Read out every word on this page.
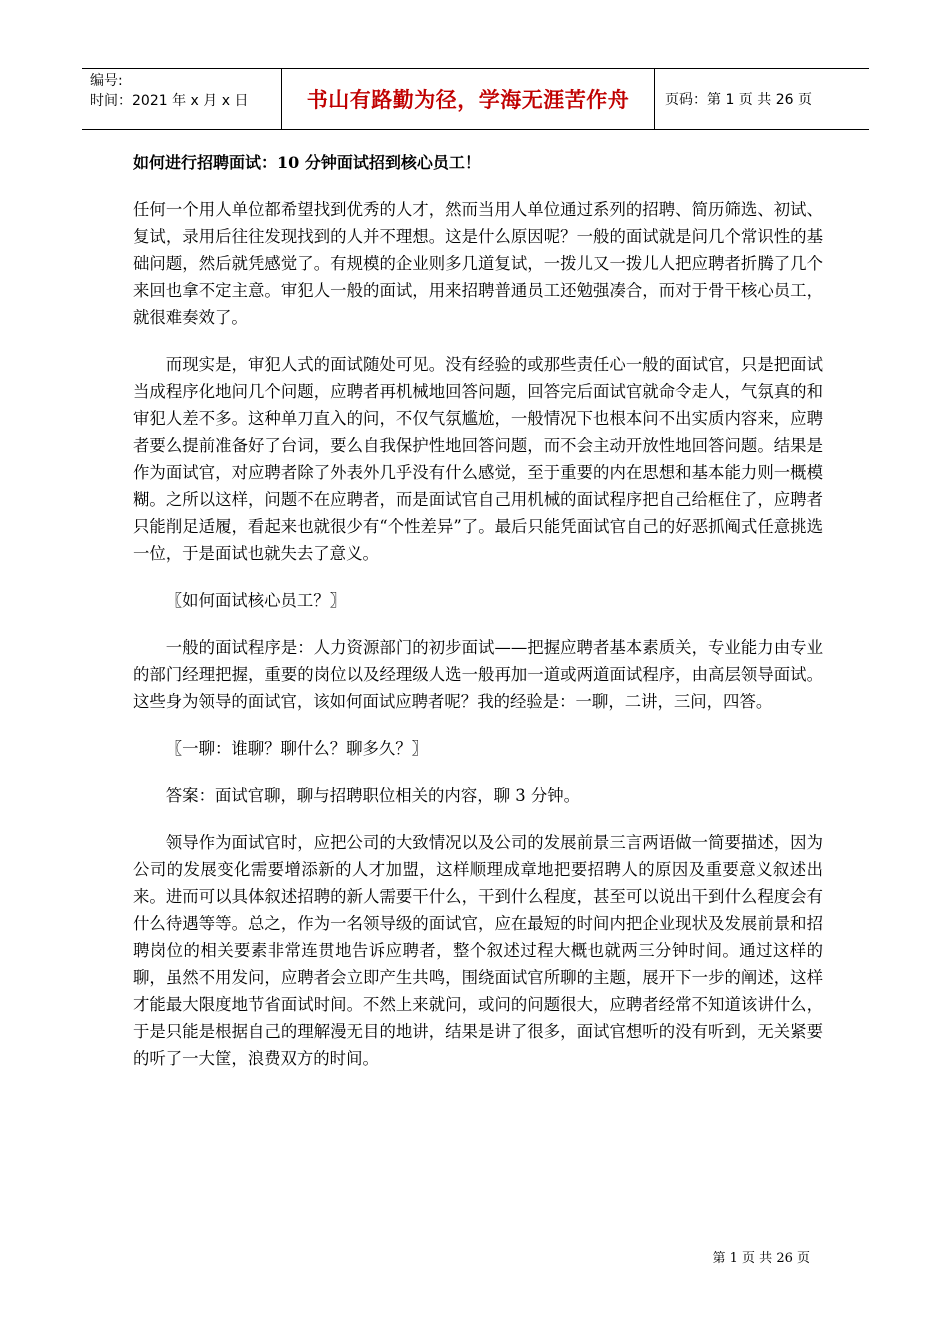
编号:
时间：2021 年 x 月 x 日	书山有路勤为径，学海无涯苦作舟	页码：第 1 页 共 26 页
如何进行招聘面试：10 分钟面试招到核心员工！

任何一个用人单位都希望找到优秀的人才，然而当用人单位通过系列的招聘、简历筛选、初试、复试，录用后往往发现找到的人并不理想。这是什么原因呢？一般的面试就是问几个常识性的基础问题，然后就凭感觉了。有规模的企业则多几道复试，一拨儿又一拨儿人把应聘者折腾了几个来回也拿不定主意。审犯人一般的面试，用来招聘普通员工还勉强凑合，而对于骨干核心员工，就很难奏效了。

而现实是，审犯人式的面试随处可见。没有经验的或那些责任心一般的面试官，只是把面试当成程序化地问几个问题，应聘者再机械地回答问题，回答完后面试官就命令走人，气氛真的和审犯人差不多。这种单刀直入的问，不仅气氛尴尬，一般情况下也根本问不出实质内容来，应聘者要么提前准备好了台词，要么自我保护性地回答问题，而不会主动开放性地回答问题。结果是作为面试官，对应聘者除了外表外几乎没有什么感觉，至于重要的内在思想和基本能力则一概模糊。之所以这样，问题不在应聘者，而是面试官自己用机械的面试程序把自己给框住了，应聘者只能削足适履，看起来也就很少有“个性差异”了。最后只能凭面试官自己的好恶抓阄式任意挑选一位，于是面试也就失去了意义。

〖如何面试核心员工？〗

一般的面试程序是：人力资源部门的初步面试——把握应聘者基本素质关，专业能力由专业的部门经理把握，重要的岗位以及经理级人选一般再加一道或两道面试程序，由高层领导面试。这些身为领导的面试官，该如何面试应聘者呢？我的经验是：一聊，二讲，三问，四答。

〖一聊：谁聊？聊什么？聊多久？〗

答案：面试官聊，聊与招聘职位相关的内容，聊 3 分钟。

领导作为面试官时，应把公司的大致情况以及公司的发展前景三言两语做一简要描述，因为公司的发展变化需要增添新的人才加盟，这样顺理成章地把要招聘人的原因及重要意义叙述出来。进而可以具体叙述招聘的新人需要干什么，干到什么程度，甚至可以说出干到什么程度会有什么待遇等等。总之，作为一名领导级的面试官，应在最短的时间内把企业现状及发展前景和招聘岗位的相关要素非常连贯地告诉应聘者，整个叙述过程大概也就两三分钟时间。通过这样的聊，虽然不用发问，应聘者会立即产生共鸣，围绕面试官所聊的主题，展开下一步的阐述，这样才能最大限度地节省面试时间。不然上来就问，或问的问题很大，应聘者经常不知道该讲什么，于是只能是根据自己的理解漫无目的地讲，结果是讲了很多，面试官想听的没有听到，无关紧要的听了一大筐，浪费双方的时间。

第 1 页 共 26 页
